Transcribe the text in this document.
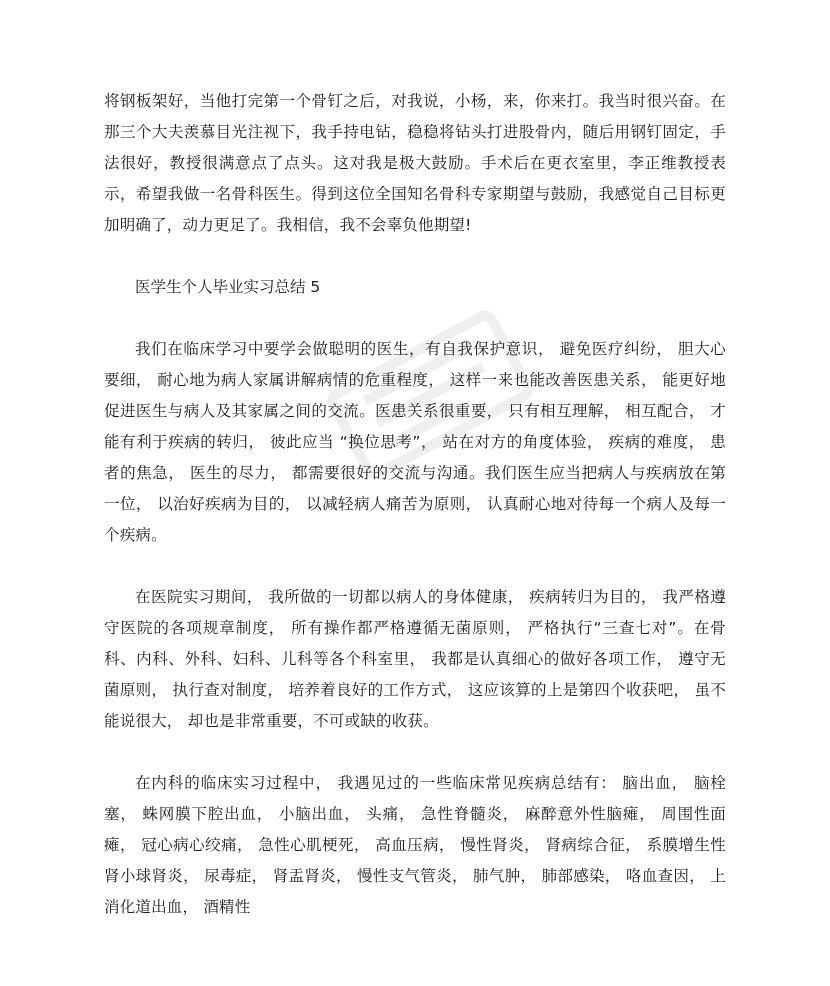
将钢板架好，当他打完第一个骨钉之后，对我说，小杨，来，你来打。我当时很兴奋。在那三个大夫羡慕目光注视下，我手持电钻，稳稳将钻头打进股骨内，随后用钢钉固定，手法很好，教授很满意点了点头。这对我是极大鼓励。手术后在更衣室里，李正维教授表示，希望我做一名骨科医生。得到这位全国知名骨科专家期望与鼓励，我感觉自己目标更加明确了，动力更足了。我相信，我不会辜负他期望!

医学生个人毕业实习总结 5

我们在临床学习中要学会做聪明的医生，有自我保护意识， 避免医疗纠纷， 胆大心要细， 耐心地为病人家属讲解病情的危重程度， 这样一来也能改善医患关系， 能更好地促进医生与病人及其家属之间的交流。医患关系很重要， 只有相互理解， 相互配合， 才能有利于疾病的转归， 彼此应当 “换位思考”， 站在对方的角度体验， 疾病的难度， 患者的焦急， 医生的尽力， 都需要很好的交流与沟通。我们医生应当把病人与疾病放在第一位， 以治好疾病为目的， 以减轻病人痛苦为原则， 认真耐心地对待每一个病人及每一个疾病。

在医院实习期间， 我所做的一切都以病人的身体健康， 疾病转归为目的， 我严格遵守医院的各项规章制度， 所有操作都严格遵循无菌原则， 严格执行“三查七对”。在骨科、内科、外科、妇科、儿科等各个科室里， 我都是认真细心的做好各项工作， 遵守无菌原则， 执行查对制度， 培养着良好的工作方式， 这应该算的上是第四个收获吧， 虽不能说很大， 却也是非常重要，不可或缺的收获。

在内科的临床实习过程中， 我遇见过的一些临床常见疾病总结有： 脑出血， 脑栓塞， 蛛网膜下腔出血， 小脑出血， 头痛， 急性脊髓炎， 麻醉意外性脑瘫， 周围性面瘫， 冠心病心绞痛， 急性心肌梗死， 高血压病， 慢性肾炎， 肾病综合征， 系膜增生性肾小球肾炎， 尿毒症， 肾盂肾炎， 慢性支气管炎， 肺气肿， 肺部感染， 咯血查因， 上消化道出血， 酒精性
